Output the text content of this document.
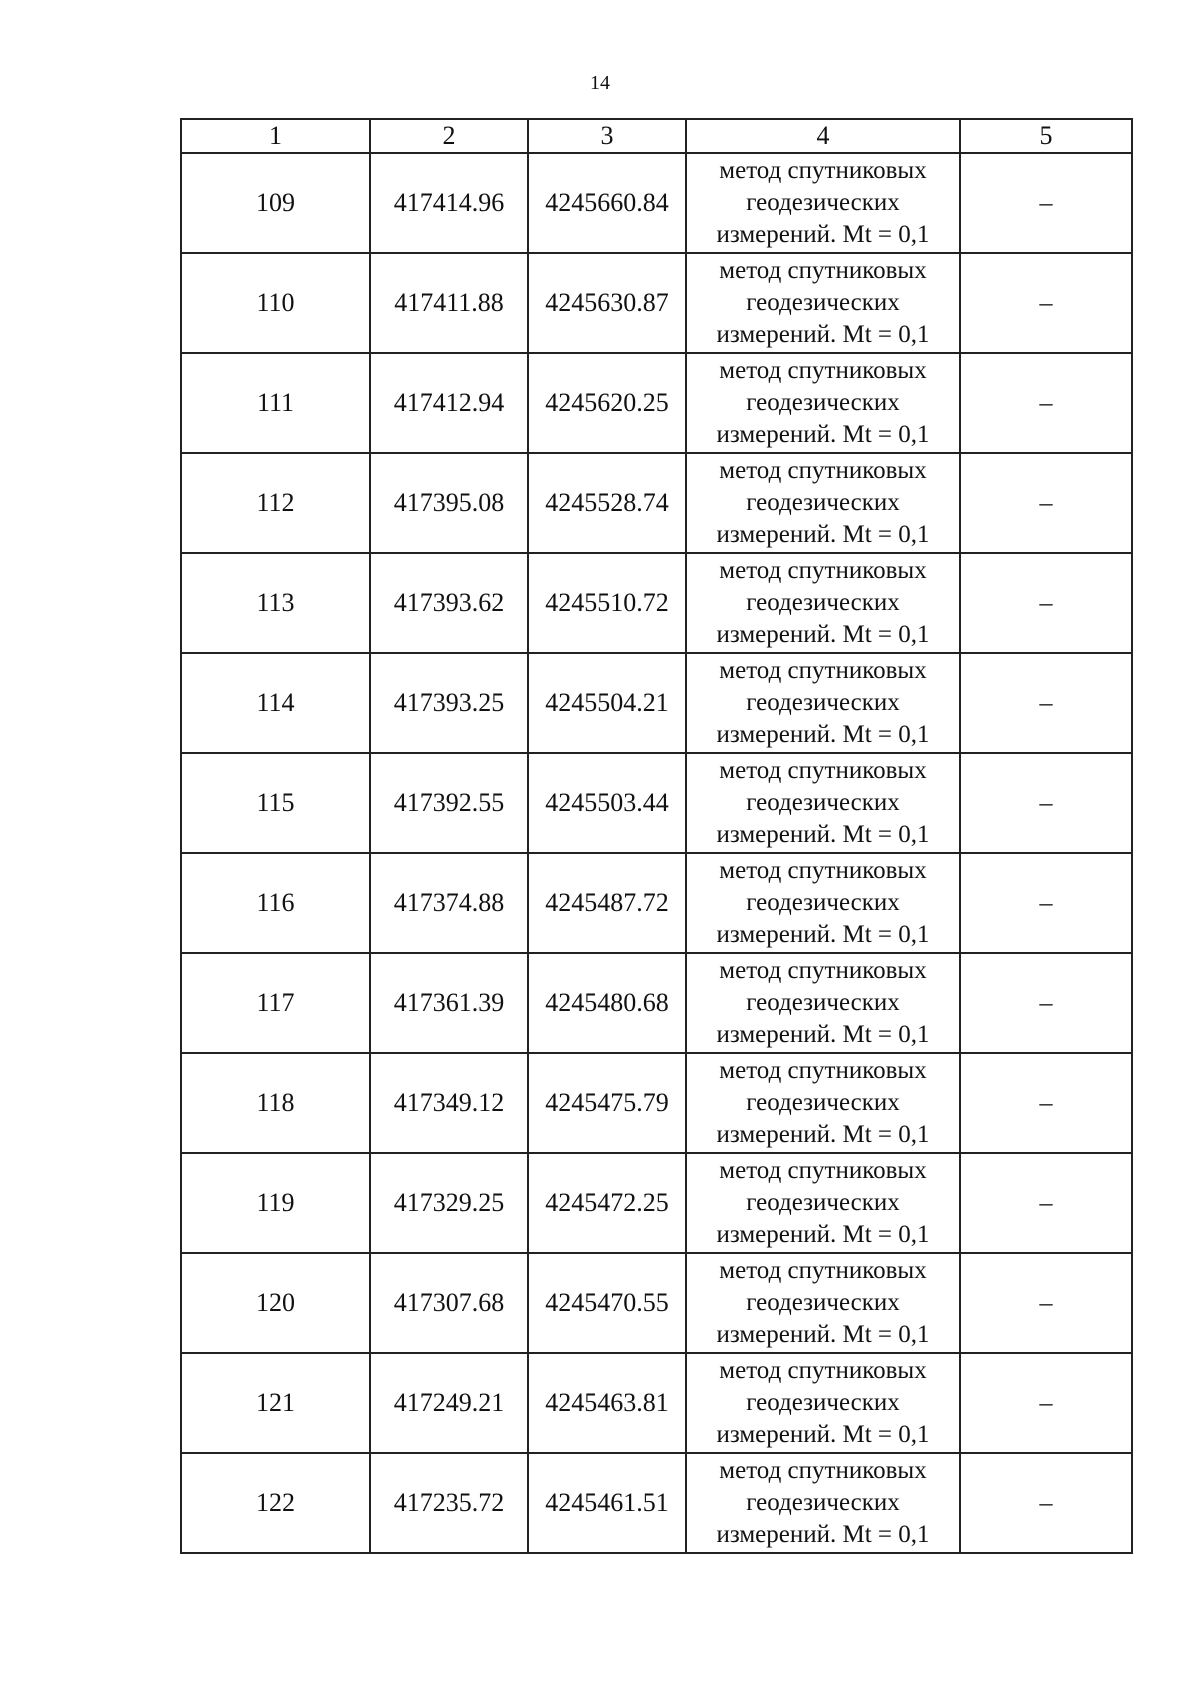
14
1	2	3	4	5
109	417414.96	4245660.84	метод спутниковых
геодезических
измерений. Mt = 0,1	–
110	417411.88	4245630.87	метод спутниковых
геодезических
измерений. Mt = 0,1	–
111	417412.94	4245620.25	метод спутниковых
геодезических
измерений. Mt = 0,1	–
112	417395.08	4245528.74	метод спутниковых
геодезических
измерений. Mt = 0,1	–
113	417393.62	4245510.72	метод спутниковых
геодезических
измерений. Mt = 0,1	–
114	417393.25	4245504.21	метод спутниковых
геодезических
измерений. Mt = 0,1	–
115	417392.55	4245503.44	метод спутниковых
геодезических
измерений. Mt = 0,1	–
116	417374.88	4245487.72	метод спутниковых
геодезических
измерений. Mt = 0,1	–
117	417361.39	4245480.68	метод спутниковых
геодезических
измерений. Mt = 0,1	–
118	417349.12	4245475.79	метод спутниковых
геодезических
измерений. Mt = 0,1	–
119	417329.25	4245472.25	метод спутниковых
геодезических
измерений. Mt = 0,1	–
120	417307.68	4245470.55	метод спутниковых
геодезических
измерений. Mt = 0,1	–
121	417249.21	4245463.81	метод спутниковых
геодезических
измерений. Mt = 0,1	–
122	417235.72	4245461.51	метод спутниковых
геодезических
измерений. Mt = 0,1	–
